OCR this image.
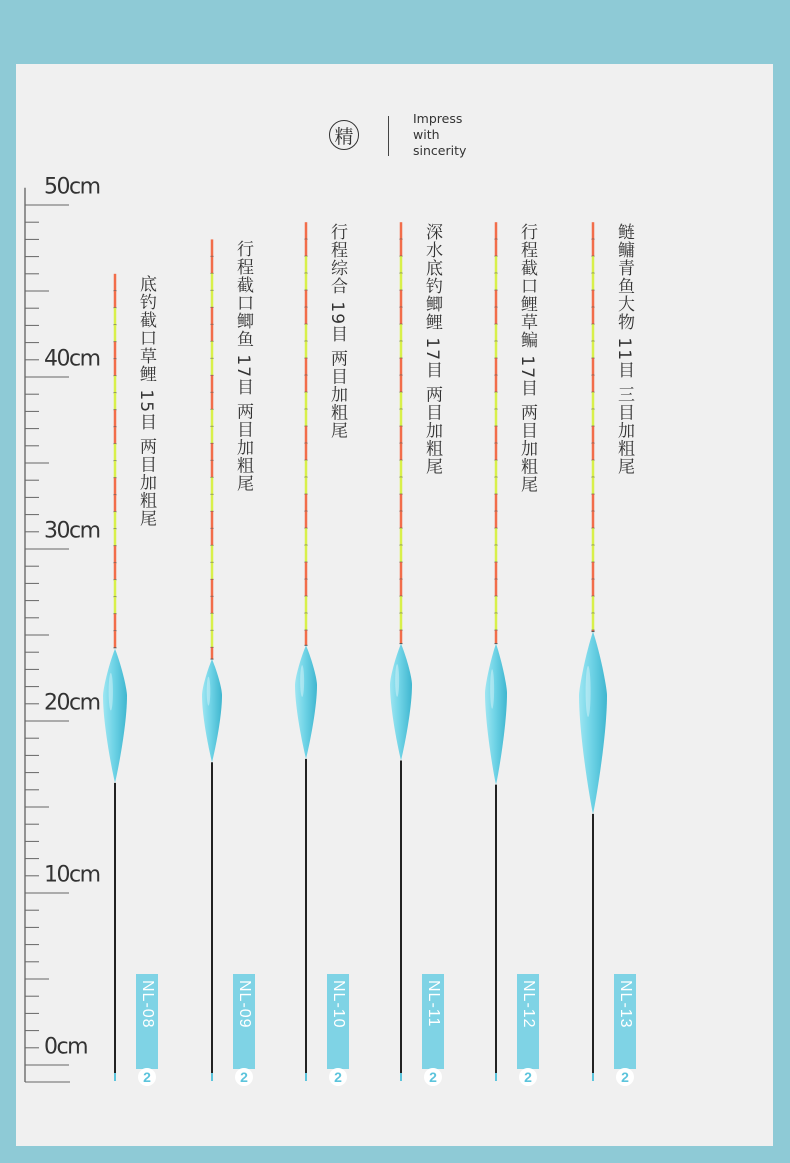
精
Impress
with
sincerity
50cm
40cm
30cm
20cm
10cm
0cm
底钓截口草鲤 15目 两目加粗尾	行程截口鲫鱼 17目 两目加粗尾	行程综合 19目 两目加粗尾	深水底钓鲫鲤 17目 两目加粗尾	行程截口鲤草鳊 17目 两目加粗尾	鲢鳙青鱼大物 11目 三目加粗尾
NL-08	NL-09	NL-10	NL-11	NL-12	NL-13
2	2	2	2	2	2
